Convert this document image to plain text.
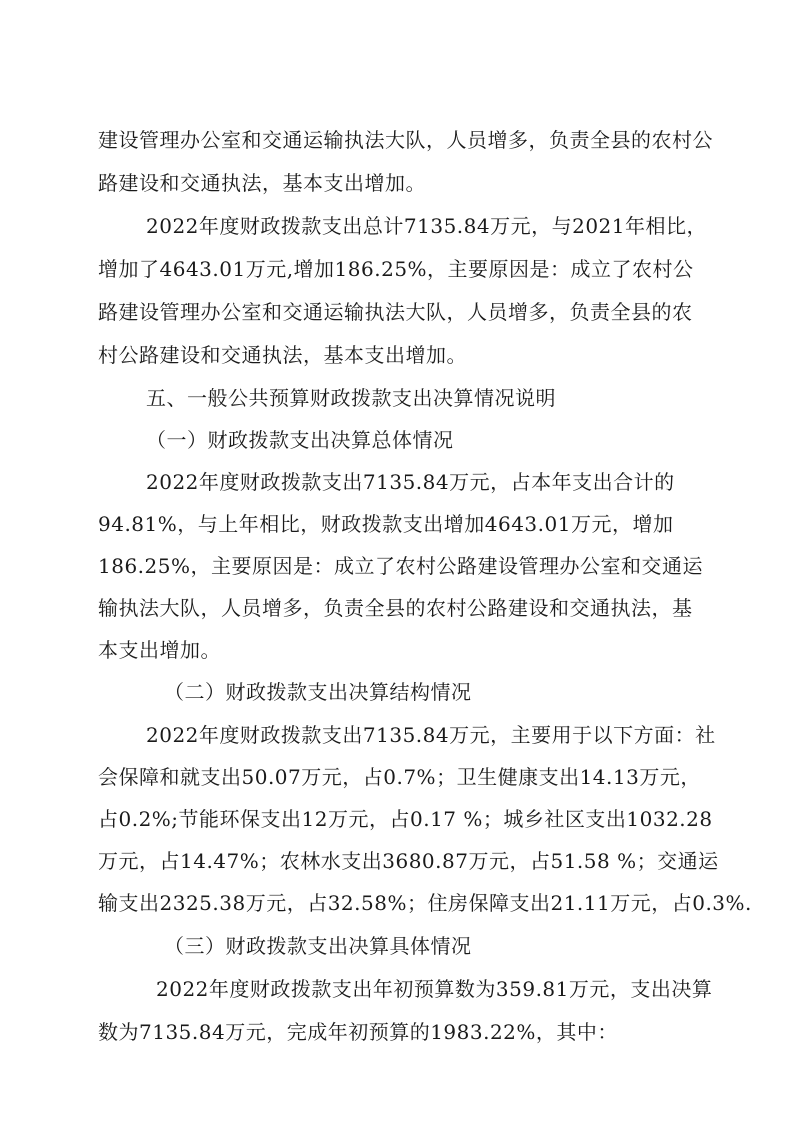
建设管理办公室和交通运输执法大队，人员增多，负责全县的农村公
路建设和交通执法，基本支出增加。
2022年度财政拨款支出总计7135.84万元，与2021年相比，
增加了4643.01万元,增加186.25%，主要原因是：成立了农村公
路建设管理办公室和交通运输执法大队，人员增多，负责全县的农
村公路建设和交通执法，基本支出增加。
五、一般公共预算财政拨款支出决算情况说明
（一）财政拨款支出决算总体情况
2022年度财政拨款支出7135.84万元，占本年支出合计的
94.81%，与上年相比，财政拨款支出增加4643.01万元，增加
186.25%，主要原因是：成立了农村公路建设管理办公室和交通运
输执法大队，人员增多，负责全县的农村公路建设和交通执法，基
本支出增加。
（二）财政拨款支出决算结构情况
2022年度财政拨款支出7135.84万元，主要用于以下方面：社
会保障和就支出50.07万元，占0.7%；卫生健康支出14.13万元，
占0.2%;节能环保支出12万元，占0.17 %；城乡社区支出1032.28
万元，占14.47%；农林水支出3680.87万元，占51.58 %；交通运
输支出2325.38万元，占32.58%；住房保障支出21.11万元，占0.3%.
（三）财政拨款支出决算具体情况
2022年度财政拨款支出年初预算数为359.81万元，支出决算
数为7135.84万元，完成年初预算的1983.22%，其中：
